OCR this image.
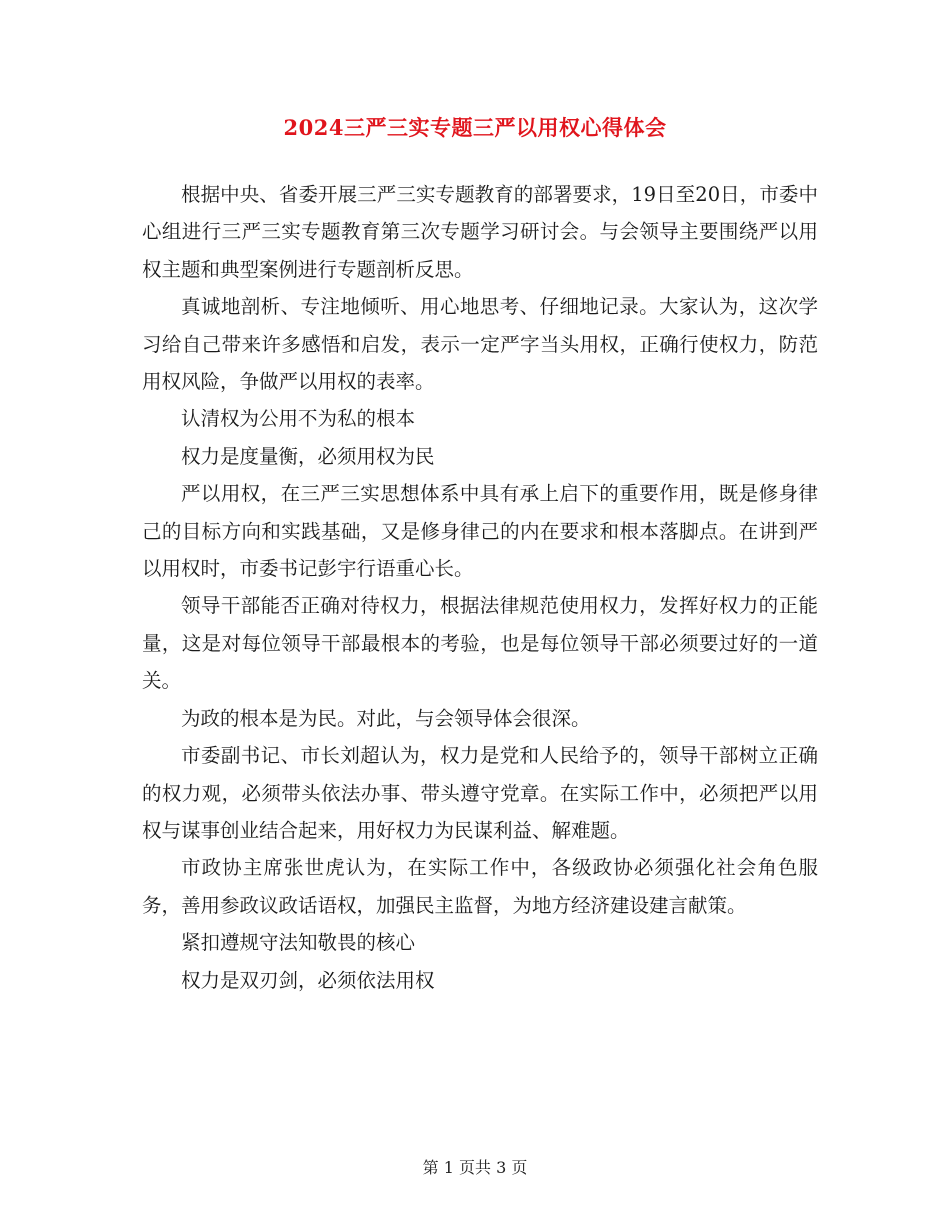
2024三严三实专题三严以用权心得体会

根据中央、省委开展三严三实专题教育的部署要求，19日至20日，市委中心组进行三严三实专题教育第三次专题学习研讨会。与会领导主要围绕严以用权主题和典型案例进行专题剖析反思。

真诚地剖析、专注地倾听、用心地思考、仔细地记录。大家认为，这次学习给自己带来许多感悟和启发，表示一定严字当头用权，正确行使权力，防范用权风险，争做严以用权的表率。

认清权为公用不为私的根本

权力是度量衡，必须用权为民

严以用权，在三严三实思想体系中具有承上启下的重要作用，既是修身律己的目标方向和实践基础，又是修身律己的内在要求和根本落脚点。在讲到严以用权时，市委书记彭宇行语重心长。

领导干部能否正确对待权力，根据法律规范使用权力，发挥好权力的正能量，这是对每位领导干部最根本的考验，也是每位领导干部必须要过好的一道关。

为政的根本是为民。对此，与会领导体会很深。

市委副书记、市长刘超认为，权力是党和人民给予的，领导干部树立正确的权力观，必须带头依法办事、带头遵守党章。在实际工作中，必须把严以用权与谋事创业结合起来，用好权力为民谋利益、解难题。

市政协主席张世虎认为，在实际工作中，各级政协必须强化社会角色服务，善用参政议政话语权，加强民主监督，为地方经济建设建言献策。

紧扣遵规守法知敬畏的核心

权力是双刃剑，必须依法用权

第 1 页共 3 页
